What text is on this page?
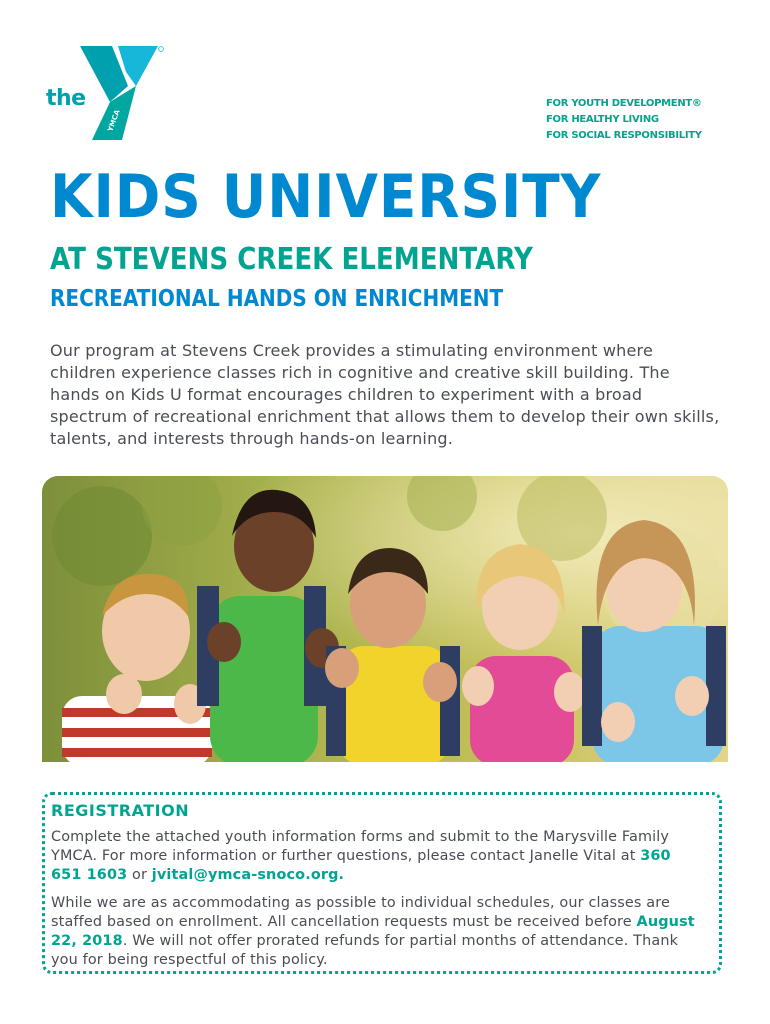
YMCA
the	FOR YOUTH DEVELOPMENT®
FOR HEALTHY LIVING
FOR SOCIAL RESPONSIBILITY
KIDS UNIVERSITY
AT STEVENS CREEK ELEMENTARY
RECREATIONAL HANDS ON ENRICHMENT
Our program at Stevens Creek provides a stimulating environment where children experience classes rich in cognitive and creative skill building. The hands on Kids U format encourages children to experiment with a broad spectrum of recreational enrichment that allows them to develop their own skills, talents, and interests through hands-on learning.
REGISTRATION

Complete the attached youth information forms and submit to the Marysville Family YMCA. For more information or further questions, please contact Janelle Vital at 360 651 1603 or jvital@ymca-snoco.org.

While we are as accommodating as possible to individual schedules, our classes are staffed based on enrollment. All cancellation requests must be received before August 22, 2018. We will not offer prorated refunds for partial months of attendance. Thank you for being respectful of this policy.
